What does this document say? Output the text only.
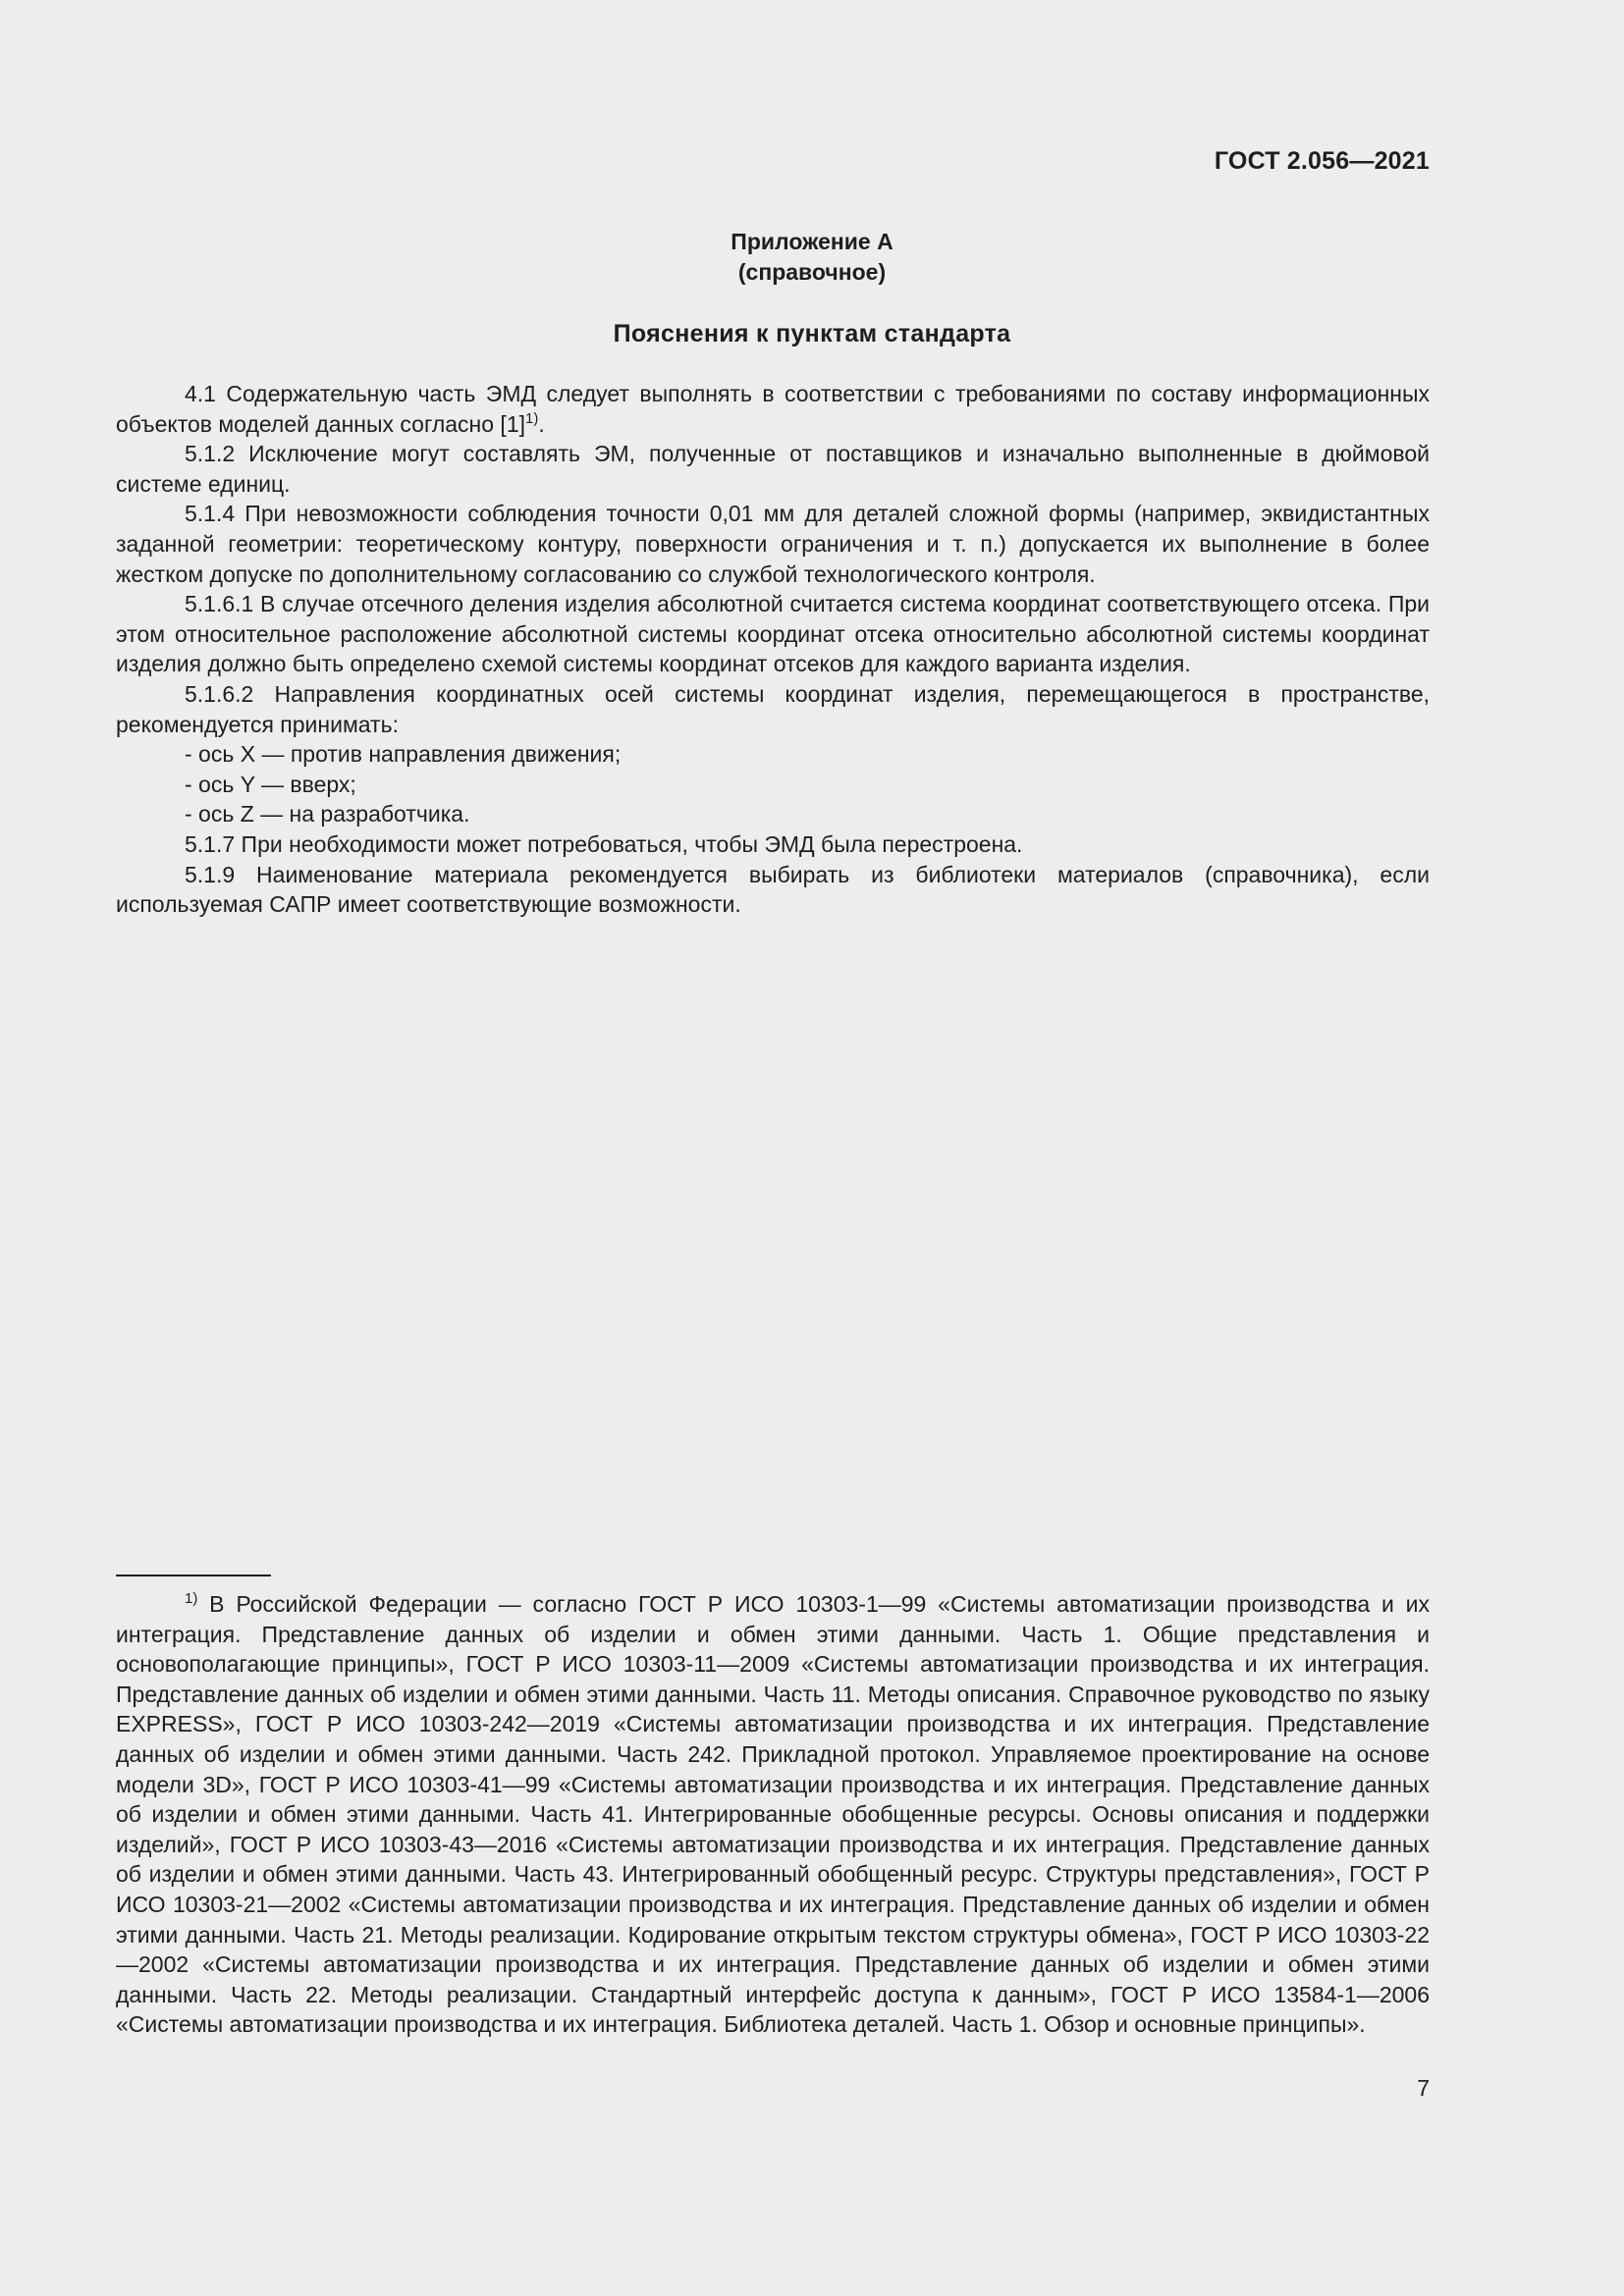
ГОСТ 2.056—2021
Приложение А
(справочное)
Пояснения к пунктам стандарта

4.1 Содержательную часть ЭМД следует выполнять в соответствии с требованиями по составу информационных объектов моделей данных согласно $[1]^{1)}$.

5.1.2 Исключение могут составлять ЭМ, полученные от поставщиков и изначально выполненные в дюймовой системе единиц.

5.1.4 При невозможности соблюдения точности 0,01 мм для деталей сложной формы (например, эквидистантных заданной геометрии: теоретическому контуру, поверхности ограничения и т. п.) допускается их выполнение в более жестком допуске по дополнительному согласованию со службой технологического контроля.

5.1.6.1 В случае отсечного деления изделия абсолютной считается система координат соответствующего отсека. При этом относительное расположение абсолютной системы координат отсека относительно абсолютной системы координат изделия должно быть определено схемой системы координат отсеков для каждого варианта изделия.

5.1.6.2 Направления координатных осей системы координат изделия, перемещающегося в пространстве, рекомендуется принимать:

- ось X — против направления движения;

- ось Y — вверх;

- ось Z — на разработчика.

5.1.7 При необходимости может потребоваться, чтобы ЭМД была перестроена.

5.1.9 Наименование материала рекомендуется выбирать из библиотеки материалов (справочника), если используемая САПР имеет соответствующие возможности.

$^{1)}$ В Российской Федерации — согласно ГОСТ Р ИСО 10303-1—99 «Системы автоматизации производства и их интеграция. Представление данных об изделии и обмен этими данными. Часть 1. Общие представления и основополагающие принципы», ГОСТ Р ИСО 10303-11—2009 «Системы автоматизации производства и их интеграция. Представление данных об изделии и обмен этими данными. Часть 11. Методы описания. Справочное руководство по языку EXPRESS», ГОСТ Р ИСО 10303-242—2019 «Системы автоматизации производства и их интеграция. Представление данных об изделии и обмен этими данными. Часть 242. Прикладной протокол. Управляемое проектирование на основе модели 3D», ГОСТ Р ИСО 10303-41—99 «Системы автоматизации производства и их интеграция. Представление данных об изделии и обмен этими данными. Часть 41. Интегрированные обобщенные ресурсы. Основы описания и поддержки изделий», ГОСТ Р ИСО 10303-43—2016 «Системы автоматизации производства и их интеграция. Представление данных об изделии и обмен этими данными. Часть 43. Интегрированный обобщенный ресурс. Структуры представления», ГОСТ Р ИСО 10303-21—2002 «Системы автоматизации производства и их интеграция. Представление данных об изделии и обмен этими данными. Часть 21. Методы реализации. Кодирование открытым текстом структуры обмена», ГОСТ Р ИСО 10303-22—2002 «Системы автоматизации производства и их интеграция. Представление данных об изделии и обмен этими данными. Часть 22. Методы реализации. Стандартный интерфейс доступа к данным», ГОСТ Р ИСО 13584-1—2006 «Системы автоматизации производства и их интеграция. Библиотека деталей. Часть 1. Обзор и основные принципы».

7
